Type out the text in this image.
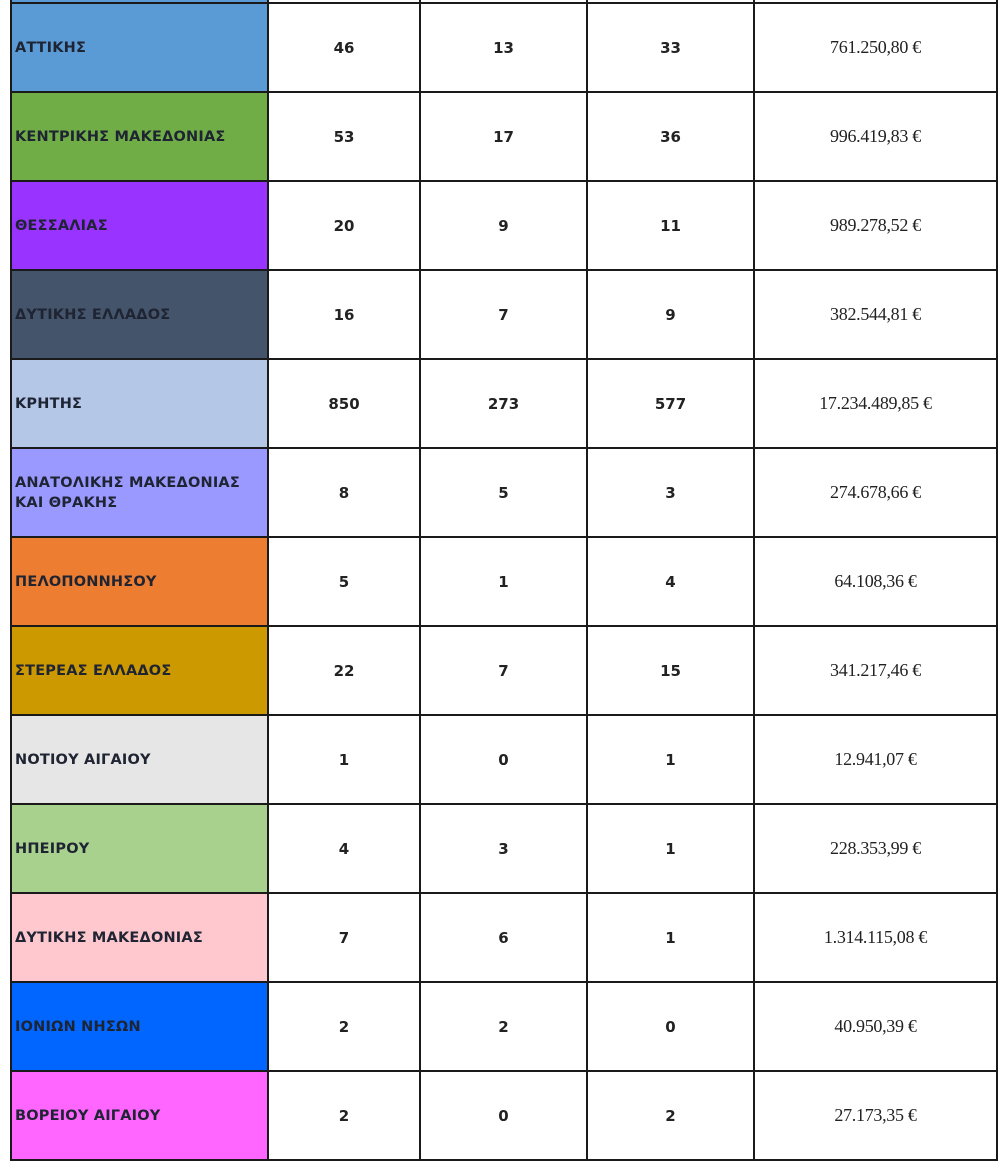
ΑΤΤΙΚΗΣ	46	13	33	761.250,80 €
ΚΕΝΤΡΙΚΗΣ ΜΑΚΕΔΟΝΙΑΣ	53	17	36	996.419,83 €
ΘΕΣΣΑΛΙΑΣ	20	9	11	989.278,52 €
ΔΥΤΙΚΗΣ ΕΛΛΑΔΟΣ	16	7	9	382.544,81 €
ΚΡΗΤΗΣ	850	273	577	17.234.489,85 €
ΑΝΑΤΟΛΙΚΗΣ ΜΑΚΕΔΟΝΙΑΣ ΚΑΙ ΘΡΑΚΗΣ	8	5	3	274.678,66 €
ΠΕΛΟΠΟΝΝΗΣΟΥ	5	1	4	64.108,36 €
ΣΤΕΡΕΑΣ ΕΛΛΑΔΟΣ	22	7	15	341.217,46 €
ΝΟΤΙΟΥ ΑΙΓΑΙΟΥ	1	0	1	12.941,07 €
ΗΠΕΙΡΟΥ	4	3	1	228.353,99 €
ΔΥΤΙΚΗΣ ΜΑΚΕΔΟΝΙΑΣ	7	6	1	1.314.115,08 €
ΙΟΝΙΩΝ ΝΗΣΩΝ	2	2	0	40.950,39 €
ΒΟΡΕΙΟΥ ΑΙΓΑΙΟΥ	2	0	2	27.173,35 €
